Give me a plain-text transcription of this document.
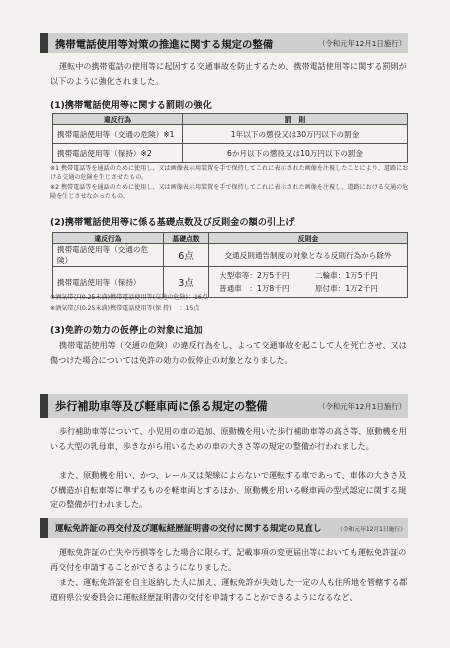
携帯電話使用等対策の推進に関する規定の整備	（令和元年12月1日施行）

運転中の携帯電話の使用等に起因する交通事故を防止するため、携帯電話使用等に関する罰則が以下のように強化されました。

(1)携帯電話使用等に関する罰則の強化
違反行為	罰　則
携帯電話使用等（交通の危険）※1	1年以下の懲役又は30万円以下の罰金
携帯電話使用等（保持）※2	6か月以下の懲役又は10万円以下の罰金

※1 携帯電話等を通話のために使用し、又は画像表示用装置を手で保持してこれに表示された画像を注視したことにより、道路における交通の危険を生じさせたもの。

※2 携帯電話等を通話のために使用し、又は画像表示用装置を手で保持してこれに表示された画像を注視し、道路における交通の危険を生じさせなかったもの。

(2)携帯電話使用等に係る基礎点数及び反則金の額の引上げ
違反行為	基礎点数	反則金
携帯電話使用等（交通の危険）	6点	交通反則通告制度の対象となる反則行為から除外
携帯電話使用等（保持）	3点	大型車等：2万5千円 二輪車：1万5千円
普通車　：1万8千円 原付車：1万2千円

※酒気帯び(0.25未満)携帯電話使用等(交通の危険)：16点

※酒気帯び(0.25未満)携帯電話使用等(保 持)　 ：15点

(3)免許の効力の仮停止の対象に追加

携帯電話使用等（交通の危険）の違反行為をし、よって交通事故を起こして人を死亡させ、又は傷つけた場合については免許の効力の仮停止の対象となりました。

歩行補助車等及び軽車両に係る規定の整備	（令和元年12月1日施行）

歩行補助車等について、小児用の車の追加、原動機を用いた歩行補助車等の高さ等、原動機を用いる大型の乳母車、歩きながら用いるための車の大きさ等の規定の整備が行われました。

また、原動機を用い、かつ、レール又は架線によらないで運転する車であって、車体の大きさ及び構造が自転車等に準ずるものを軽車両とするほか、原動機を用いる軽車両の型式認定に関する規定の整備が行われました。

運転免許証の再交付及び運転経歴証明書の交付に関する規定の見直し	（令和元年12月1日施行）

運転免許証の亡失や汚損等をした場合に限らず、記載事項の変更届出等においても運転免許証の再交付を申請することができるようになりました。

また、運転免許証を自主返納した人に加え、運転免許が失効した一定の人も住所地を管轄する都道府県公安委員会に運転経歴証明書の交付を申請することができるようになるなど、
